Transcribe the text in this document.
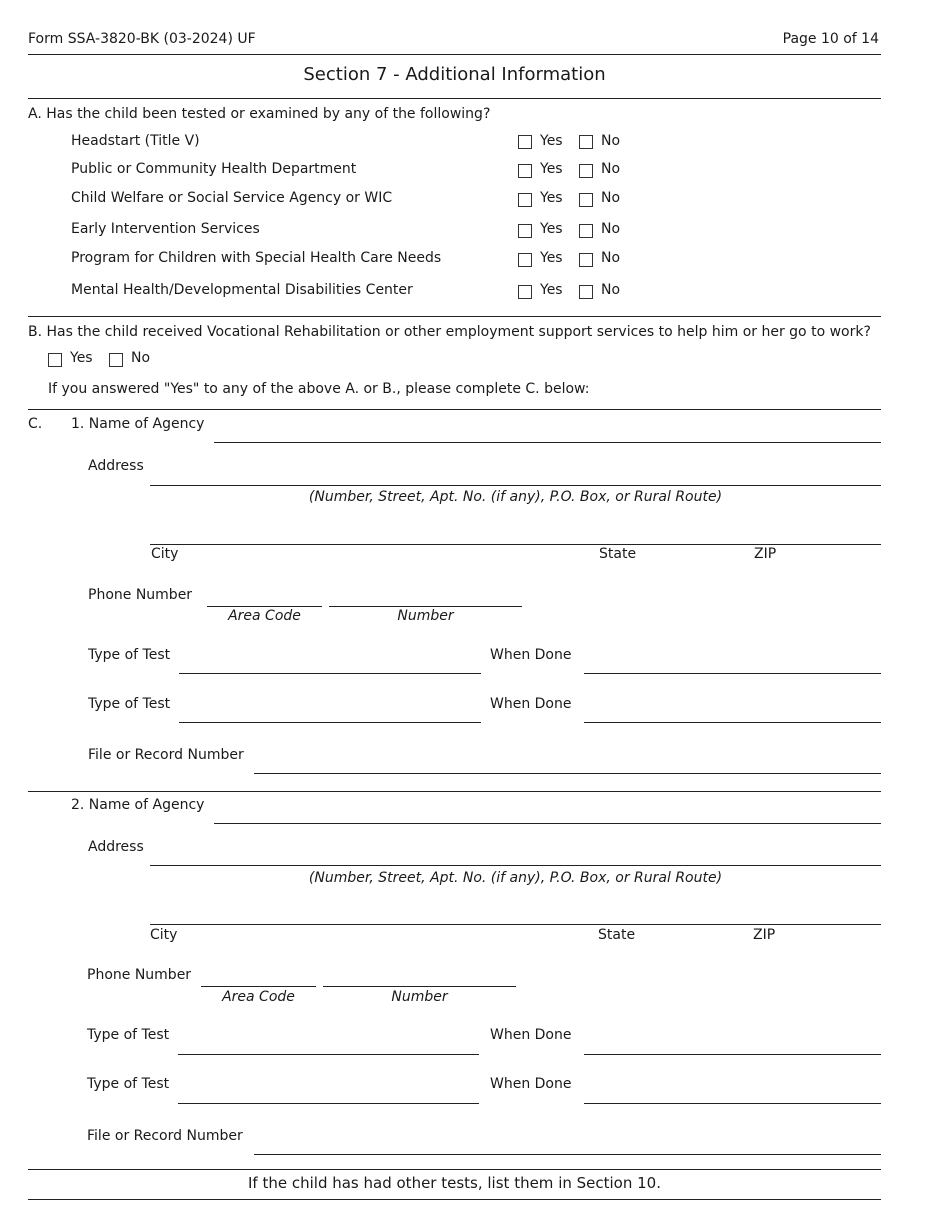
Form SSA-3820-BK (03-2024) UF	Page 10 of 14
Section 7 - Additional Information
A. Has the child been tested or examined by any of the following?
Headstart (Title V)	Yes	No
Public or Community Health Department	Yes	No
Child Welfare or Social Service Agency or WIC	Yes	No
Early Intervention Services	Yes	No
Program for Children with Special Health Care Needs	Yes	No
Mental Health/Developmental Disabilities Center	Yes	No
B. Has the child received Vocational Rehabilitation or other employment support services to help him or her go to work?
Yes	No
If you answered "Yes" to any of the above A. or B., please complete C. below:
C. 1. Name of Agency
Address
(Number, Street, Apt. No. (if any), P.O. Box, or Rural Route)
City	State	ZIP
Phone Number
Area Code	Number
Type of Test	When Done
Type of Test	When Done
File or Record Number
2. Name of Agency
Address
(Number, Street, Apt. No. (if any), P.O. Box, or Rural Route)
City	State	ZIP
Phone Number
Area Code	Number
Type of Test	When Done
Type of Test	When Done
File or Record Number
If the child has had other tests, list them in Section 10.
